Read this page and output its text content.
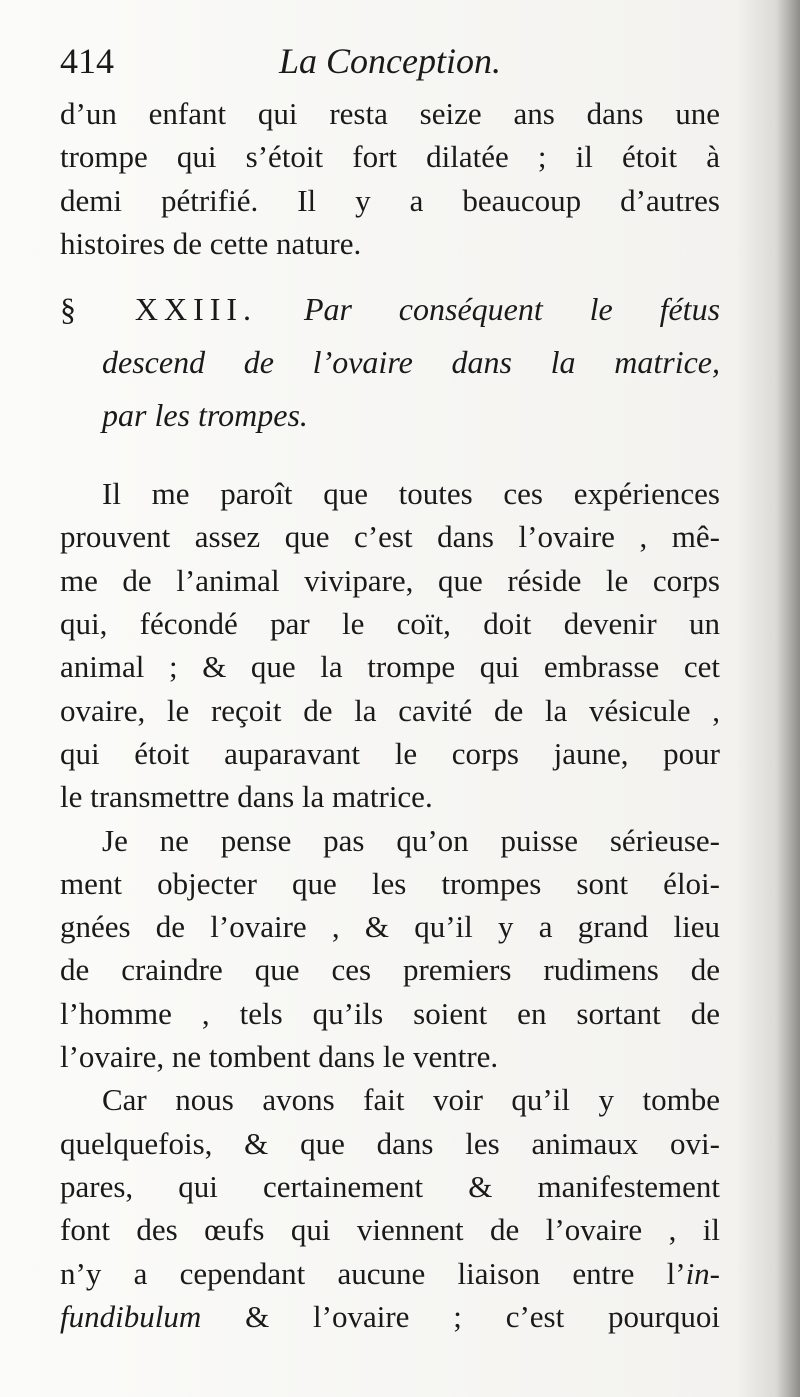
414	La Conception.

d’un enfant qui resta seize ans dans une
trompe qui s’étoit fort dilatée ; il étoit à
demi pétrifié. Il y a beaucoup d’autres
histoires de cette nature.

§ XXIII. Par conséquent le fétus
descend de l’ovaire dans la matrice,
par les trompes.

Il me paroît que toutes ces expériences
prouvent assez que c’est dans l’ovaire , mê-
me de l’animal vivipare, que réside le corps
qui, fécondé par le coït, doit devenir un
animal ; & que la trompe qui embrasse cet
ovaire, le reçoit de la cavité de la vésicule ,
qui étoit auparavant le corps jaune, pour
le transmettre dans la matrice.

Je ne pense pas qu’on puisse sérieuse-
ment objecter que les trompes sont éloi-
gnées de l’ovaire , & qu’il y a grand lieu
de craindre que ces premiers rudimens de
l’homme , tels qu’ils soient en sortant de
l’ovaire, ne tombent dans le ventre.

Car nous avons fait voir qu’il y tombe
quelquefois, & que dans les animaux ovi-
pares, qui certainement & manifestement
font des œufs qui viennent de l’ovaire , il
n’y a cependant aucune liaison entre l’in-
fundibulum & l’ovaire ; c’est pourquoi
